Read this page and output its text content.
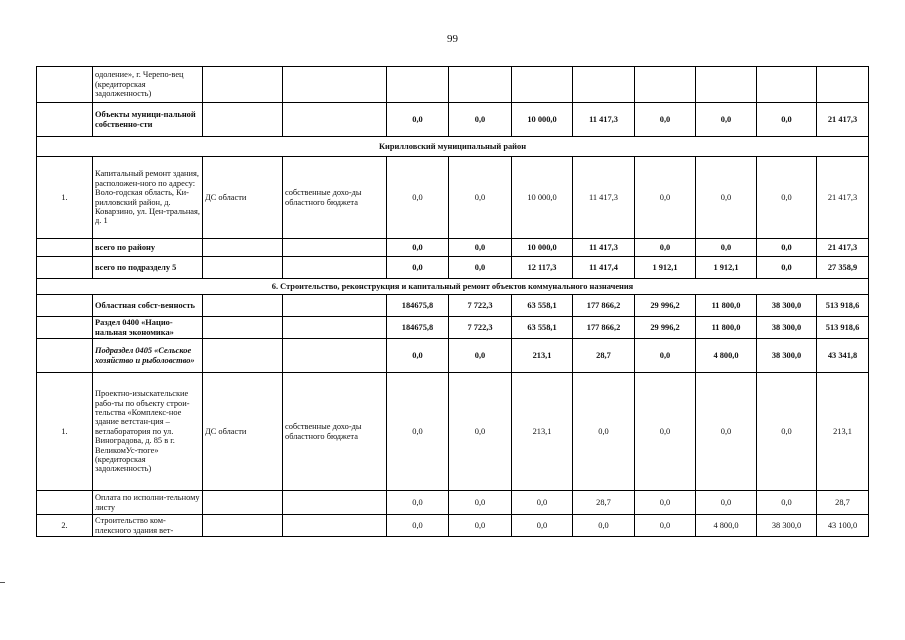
99
	одоление», г. Черепо-вец (кредиторская задолженность)										
	Объекты муници-пальной собственно-сти			0,0	0,0	10 000,0	11 417,3	0,0	0,0	0,0	21 417,3
Кирилловский муниципальный район											
1.	Капитальный ремонт здания, расположен-ного по адресу: Воло-годская область, Ки-рилловский район, д. Коварзино, ул. Цен-тральная, д. 1	ДС области	собственные дохо-ды областного бюджета	0,0	0,0	10 000,0	11 417,3	0,0	0,0	0,0	21 417,3
	всего по району			0,0	0,0	10 000,0	11 417,3	0,0	0,0	0,0	21 417,3
	всего по подразделу 5			0,0	0,0	12 117,3	11 417,4	1 912,1	1 912,1	0,0	27 358,9
6. Строительство, реконструкция и капитальный ремонт объектов коммунального назначения											
	Областная собст-венность			184675,8	7 722,3	63 558,1	177 866,2	29 996,2	11 800,0	38 300,0	513 918,6
	Раздел 0400 «Нацио-нальная экономика»			184675,8	7 722,3	63 558,1	177 866,2	29 996,2	11 800,0	38 300,0	513 918,6
	Подраздел 0405 «Сельское хозяйство и рыболовство»			0,0	0,0	213,1	28,7	0,0	4 800,0	38 300,0	43 341,8
1.	Проектно-изыскательские рабо-ты по объекту строи-тельства «Комплекс-ное здание ветстан-ция – ветлаборатория по ул. Виноградова, д. 85 в г. ВеликомУс-тюге» (кредиторская задолженность)	ДС области	собственные дохо-ды областного бюджета	0,0	0,0	213,1	0,0	0,0	0,0	0,0	213,1
	Оплата по исполни-тельному листу			0,0	0,0	0,0	28,7	0,0	0,0	0,0	28,7
2.	Строительство ком-плексного здания вет-			0,0	0,0	0,0	0,0	0,0	4 800,0	38 300,0	43 100,0
